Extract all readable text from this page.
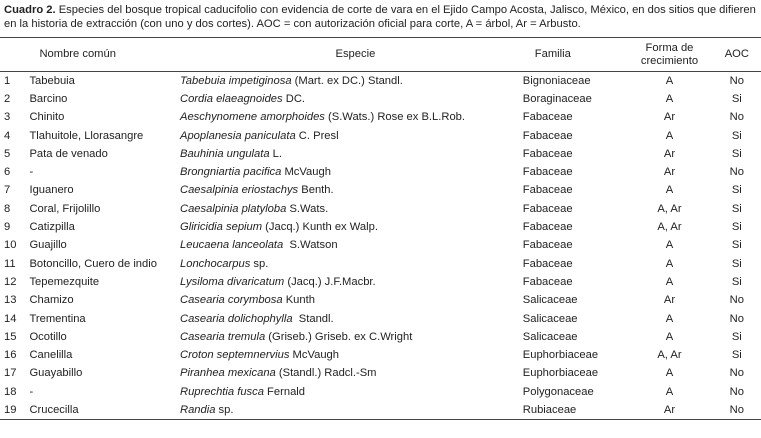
Cuadro 2. Especies del bosque tropical caducifolio con evidencia de corte de vara en el Ejido Campo Acosta, Jalisco, México, en dos sitios que difieren en la historia de extracción (con uno y dos cortes). AOC = con autorización oficial para corte, A = árbol, Ar = Arbusto.
	Nombre común	Especie	Familia	Forma de crecimiento	AOC
1	Tabebuia	Tabebuia impetiginosa (Mart. ex DC.) Standl.	Bignoniaceae	A	No
2	Barcino	Cordia elaeagnoides DC.	Boraginaceae	A	Si
3	Chinito	Aeschynomene amorphoides (S.Wats.) Rose ex B.L.Rob.	Fabaceae	Ar	No
4	Tlahuitole, Llorasangre	Apoplanesia paniculata C. Presl	Fabaceae	A	Si
5	Pata de venado	Bauhinia ungulata L.	Fabaceae	Ar	Si
6	-	Brongniartia pacifica McVaugh	Fabaceae	Ar	No
7	Iguanero	Caesalpinia eriostachys Benth.	Fabaceae	A	Si
8	Coral, Frijolillo	Caesalpinia platyloba S.Wats.	Fabaceae	A, Ar	Si
9	Catizpilla	Gliricidia sepium (Jacq.) Kunth ex Walp.	Fabaceae	A, Ar	Si
10	Guajillo	Leucaena lanceolata  S.Watson	Fabaceae	A	Si
11	Botoncillo, Cuero de indio	Lonchocarpus sp.	Fabaceae	A	Si
12	Tepemezquite	Lysiloma divaricatum (Jacq.) J.F.Macbr.	Fabaceae	A	Si
13	Chamizo	Casearia corymbosa Kunth	Salicaceae	Ar	No
14	Trementina	Casearia dolichophylla  Standl.	Salicaceae	A	No
15	Ocotillo	Casearia tremula (Griseb.) Griseb. ex C.Wright	Salicaceae	A	Si
16	Canelilla	Croton septemnervius McVaugh	Euphorbiaceae	A, Ar	Si
17	Guayabillo	Piranhea mexicana (Standl.) Radcl.-Sm	Euphorbiaceae	A	No
18	-	Ruprechtia fusca Fernald	Polygonaceae	A	No
19	Crucecilla	Randia sp.	Rubiaceae	Ar	No
